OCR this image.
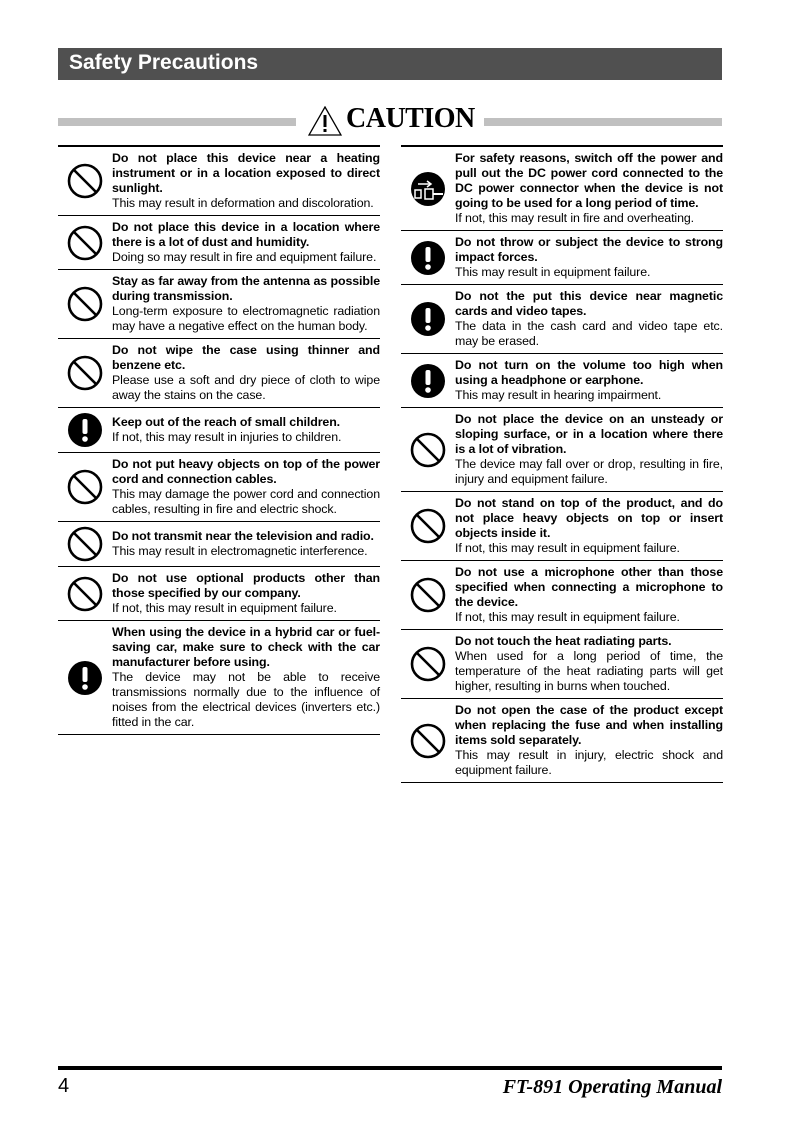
Safety Precautions
CAUTION
Do not place this device near a heating instrument or in a location exposed to direct sunlight.
This may result in deformation and discoloration.
Do not place this device in a location where there is a lot of dust and humidity.
Doing so may result in fire and equipment failure.
Stay as far away from the antenna as possible during transmission.
Long-term exposure to electromagnetic radiation may have a negative effect on the human body.
Do not wipe the case using thinner and benzene etc.
Please use a soft and dry piece of cloth to wipe away the stains on the case.
Keep out of the reach of small children.
If not, this may result in injuries to children.
Do not put heavy objects on top of the power cord and connection cables.
This may damage the power cord and connection cables, resulting in fire and electric shock.
Do not transmit near the television and radio.
This may result in electromagnetic interference.
Do not use optional products other than those specified by our company.
If not, this may result in equipment failure.
When using the device in a hybrid car or fuel-saving car, make sure to check with the car manufacturer before using.
The device may not be able to receive transmissions normally due to the influence of noises from the electrical devices (inverters etc.) fitted in the car.
For safety reasons, switch off the power and pull out the DC power cord connected to the DC power connector when the device is not going to be used for a long period of time.
If not, this may result in fire and overheating.
Do not throw or subject the device to strong impact forces.
This may result in equipment failure.
Do not the put this device near magnetic cards and video tapes.
The data in the cash card and video tape etc. may be erased.
Do not turn on the volume too high when using a headphone or earphone.
This may result in hearing impairment.
Do not place the device on an unsteady or sloping surface, or in a location where there is a lot of vibration.
The device may fall over or drop, resulting in fire, injury and equipment failure.
Do not stand on top of the product, and do not place heavy objects on top or insert objects inside it.
If not, this may result in equipment failure.
Do not use a microphone other than those specified when connecting a microphone to the device.
If not, this may result in equipment failure.
Do not touch the heat radiating parts.
When used for a long period of time, the temperature of the heat radiating parts will get higher, resulting in burns when touched.
Do not open the case of the product except when replacing the fuse and when installing items sold separately.
This may result in injury, electric shock and equipment failure.
4	FT-891 Operating Manual
